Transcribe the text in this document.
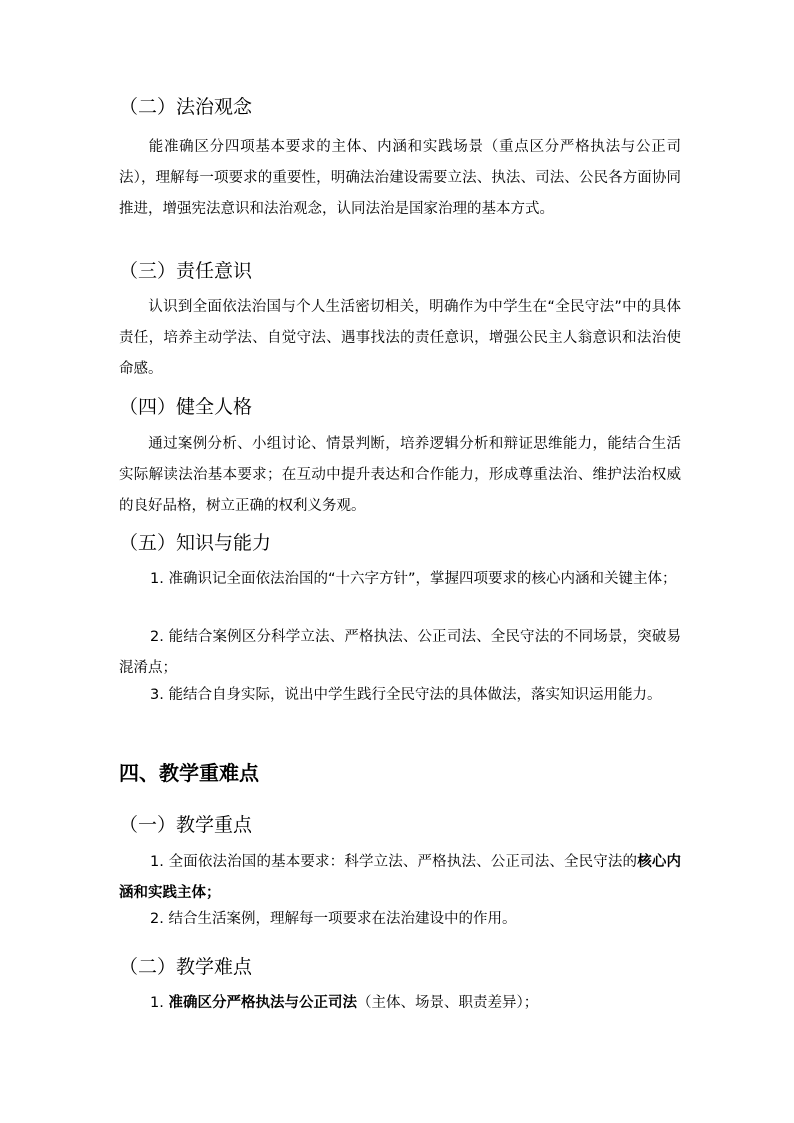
（二）法治观念
能准确区分四项基本要求的主体、内涵和实践场景（重点区分严格执法与公正司法），理解每一项要求的重要性，明确法治建设需要立法、执法、司法、公民各方面协同推进，增强宪法意识和法治观念，认同法治是国家治理的基本方式。
（三）责任意识
认识到全面依法治国与个人生活密切相关，明确作为中学生在“全民守法”中的具体责任，培养主动学法、自觉守法、遇事找法的责任意识，增强公民主人翁意识和法治使命感。
（四）健全人格
通过案例分析、小组讨论、情景判断，培养逻辑分析和辩证思维能力，能结合生活实际解读法治基本要求；在互动中提升表达和合作能力，形成尊重法治、维护法治权威的良好品格，树立正确的权利义务观。
（五）知识与能力
1. 准确识记全面依法治国的“十六字方针”，掌握四项要求的核心内涵和关键主体；
2. 能结合案例区分科学立法、严格执法、公正司法、全民守法的不同场景，突破易混淆点；
3. 能结合自身实际，说出中学生践行全民守法的具体做法，落实知识运用能力。
四、教学重难点
（一）教学重点
1. 全面依法治国的基本要求：科学立法、严格执法、公正司法、全民守法的核心内涵和实践主体；
2. 结合生活案例，理解每一项要求在法治建设中的作用。
（二）教学难点
1. 准确区分严格执法与公正司法（主体、场景、职责差异）；
